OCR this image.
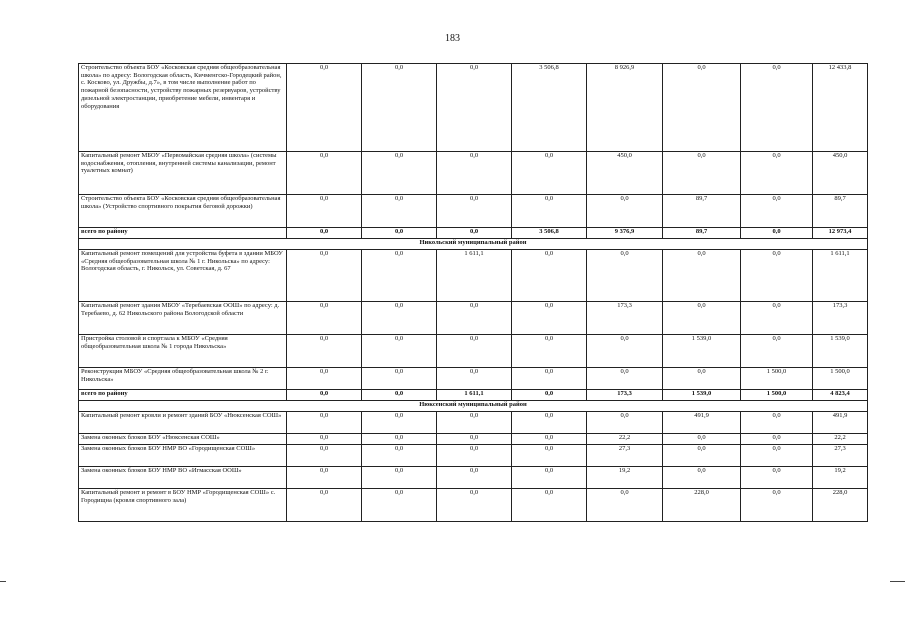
183
Строительство объекта БОУ «Косковская средняя общеобразовательная школа» по адресу: Вологодская область, Кичменгско-Городецкий район, с. Косково, ул. Дружбы, д.7», в том числе выполнение работ по пожарной безопасности, устройству пожарных резервуаров, устройству дизельной электростанции, приобретение мебели, инвентаря и оборудования	0,0	0,0	0,0	3 506,8	8 926,9	0,0	0,0	12 433,8	
Капитальный ремонт МБОУ «Первомайская средняя школа» (системы водоснабжения, отопления, внутренней системы канализации, ремонт туалетных комнат)	0,0	0,0	0,0	0,0	450,0	0,0	0,0	450,0	
Строительство объекта БОУ «Косковская средняя общеобразовательная школа» (Устройство спортивного покрытия беговой дорожки)	0,0	0,0	0,0	0,0	0,0	89,7	0,0	89,7	
всего по району	0,0	0,0	0,0	3 506,8	9 376,9	89,7	0,0	12 973,4	
Никольский муниципальный район									
Капитальный ремонт помещений для устройства буфета в здании МБОУ «Средняя общеобразовательная школа № 1 г. Никольска» по адресу: Вологодская область, г. Никольск, ул. Советская, д. 67	0,0	0,0	1 611,1	0,0	0,0	0,0	0,0	1 611,1	
Капитальный ремонт здания МБОУ «Теребаевская ООШ» по адресу: д. Теребаево, д. 62 Никольского района Вологодской области	0,0	0,0	0,0	0,0	173,3	0,0	0,0	173,3	
Пристройка столовой и спортзала к МБОУ «Средняя общеобразовательная школа № 1 города Никольска»	0,0	0,0	0,0	0,0	0,0	1 539,0	0,0	1 539,0	
Реконструкция МБОУ «Средняя общеобразовательная школа № 2 г. Никольска»	0,0	0,0	0,0	0,0	0,0	0,0	1 500,0	1 500,0	
всего по району	0,0	0,0	1 611,1	0,0	173,3	1 539,0	1 500,0	4 823,4	
Нюксенский муниципальный район									
Капитальный ремонт кровли и ремонт зданий БОУ «Нюксенская СОШ»	0,0	0,0	0,0	0,0	0,0	491,9	0,0	491,9	
Замена оконных блоков БОУ «Нюксенская СОШ»	0,0	0,0	0,0	0,0	22,2	0,0	0,0	22,2	
Замена оконных блоков БОУ НМР ВО «Городищенская СОШ»	0,0	0,0	0,0	0,0	27,3	0,0	0,0	27,3	
Замена оконных блоков БОУ НМР ВО «Игмасская ООШ»	0,0	0,0	0,0	0,0	19,2	0,0	0,0	19,2	
Капитальный ремонт и ремонт в БОУ НМР «Городищенская СОШ» с. Городищна (кровля спортивного зала)	0,0	0,0	0,0	0,0	0,0	228,0	0,0	228,0	
